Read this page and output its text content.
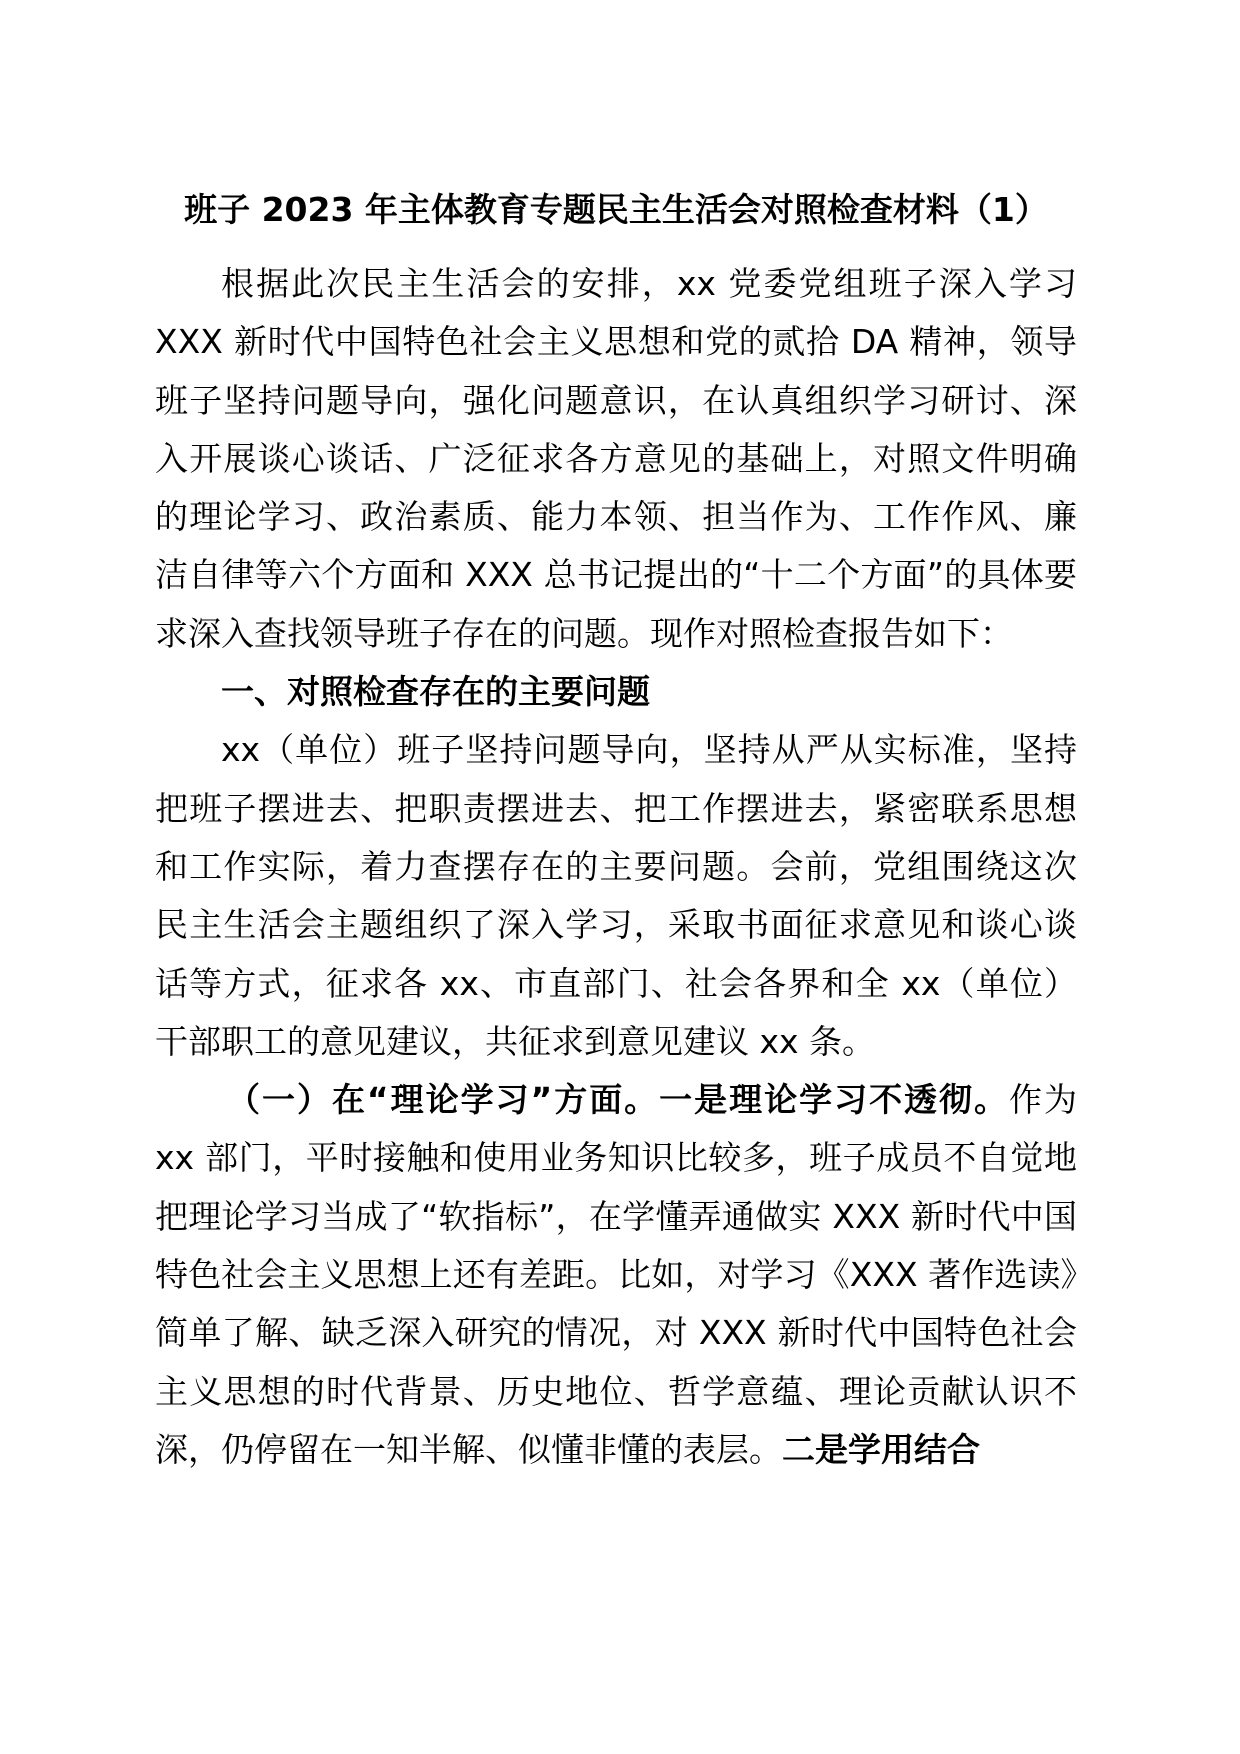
班子 2023 年主体教育专题民主生活会对照检查材料（1）

根据此次民主生活会的安排，xx 党委党组班子深入学习 XXX 新时代中国特色社会主义思想和党的贰拾 DA 精神，领导班子坚持问题导向，强化问题意识，在认真组织学习研讨、深入开展谈心谈话、广泛征求各方意见的基础上，对照文件明确的理论学习、政治素质、能力本领、担当作为、工作作风、廉洁自律等六个方面和 XXX 总书记提出的“十二个方面”的具体要求深入查找领导班子存在的问题。现作对照检查报告如下：

一、对照检查存在的主要问题

xx（单位）班子坚持问题导向，坚持从严从实标准，坚持把班子摆进去、把职责摆进去、把工作摆进去，紧密联系思想和工作实际，着力查摆存在的主要问题。会前，党组围绕这次民主生活会主题组织了深入学习，采取书面征求意见和谈心谈话等方式，征求各 xx、市直部门、社会各界和全 xx（单位）干部职工的意见建议，共征求到意见建议 xx 条。

（一）在“理论学习”方面。一是理论学习不透彻。作为 xx 部门，平时接触和使用业务知识比较多，班子成员不自觉地把理论学习当成了“软指标”，在学懂弄通做实 XXX 新时代中国特色社会主义思想上还有差距。比如，对学习《XXX 著作选读》简单了解、缺乏深入研究的情况，对 XXX 新时代中国特色社会主义思想的时代背景、历史地位、哲学意蕴、理论贡献认识不深，仍停留在一知半解、似懂非懂的表层。二是学用结合
